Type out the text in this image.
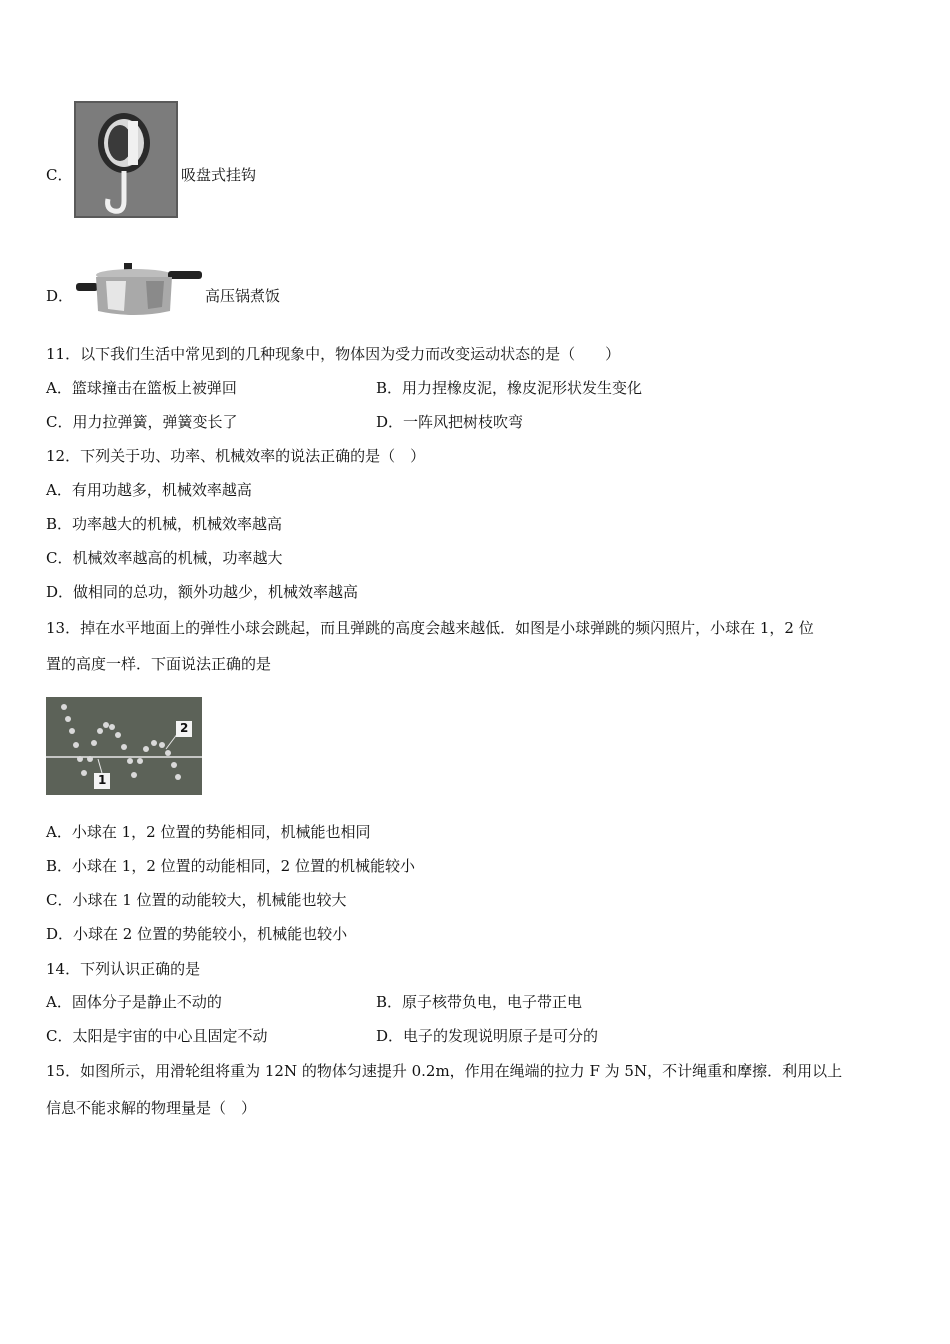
C．	吸盘式挂钩
D．	高压锅煮饭
11．以下我们生活中常见到的几种现象中，物体因为受力而改变运动状态的是（　　）
A．篮球撞击在篮板上被弹回	B．用力捏橡皮泥，橡皮泥形状发生变化
C．用力拉弹簧，弹簧变长了	D．一阵风把树枝吹弯
12．下列关于功、功率、机械效率的说法正确的是（　）
A．有用功越多，机械效率越高
B．功率越大的机械，机械效率越高
C．机械效率越高的机械，功率越大
D．做相同的总功，额外功越少，机械效率越高
13．掉在水平地面上的弹性小球会跳起，而且弹跳的高度会越来越低．如图是小球弹跳的频闪照片，小球在 1，2 位
置的高度一样．下面说法正确的是
1
2
A．小球在 1，2 位置的势能相同，机械能也相同
B．小球在 1，2 位置的动能相同，2 位置的机械能较小
C．小球在 1 位置的动能较大，机械能也较大
D．小球在 2 位置的势能较小，机械能也较小
14．下列认识正确的是
A．固体分子是静止不动的	B．原子核带负电，电子带正电
C．太阳是宇宙的中心且固定不动	D．电子的发现说明原子是可分的
15．如图所示，用滑轮组将重为 12N 的物体匀速提升 0.2m，作用在绳端的拉力 F 为 5N，不计绳重和摩擦．利用以上
信息不能求解的物理量是（　）
